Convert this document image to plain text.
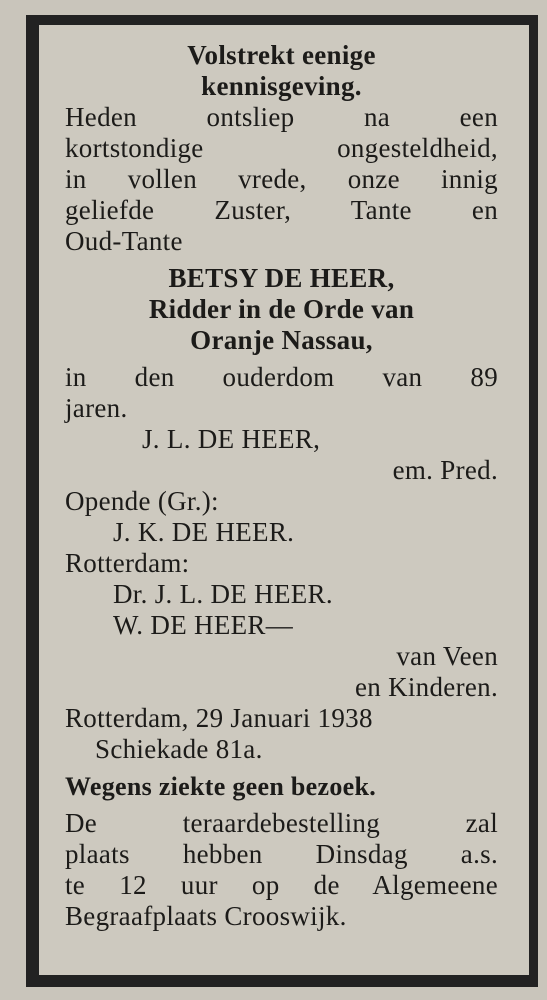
Volstrekt eenige
kennisgeving.
Heden ontsliep na een
kortstondige ongesteldheid,
in vollen vrede, onze innig
geliefde Zuster, Tante en
Oud-Tante
BETSY DE HEER,
Ridder in de Orde van
Oranje Nassau,
in den ouderdom van 89
jaren.
J. L. DE HEER,
em. Pred.
Opende (Gr.):
J. K. DE HEER.
Rotterdam:
Dr. J. L. DE HEER.
W. DE HEER—
van Veen
en Kinderen.
Rotterdam, 29 Januari 1938
Schiekade 81a.
Wegens ziekte geen bezoek.
De teraardebestelling zal
plaats hebben Dinsdag a.s.
te 12 uur op de Algemeene
Begraafplaats Crooswijk.
